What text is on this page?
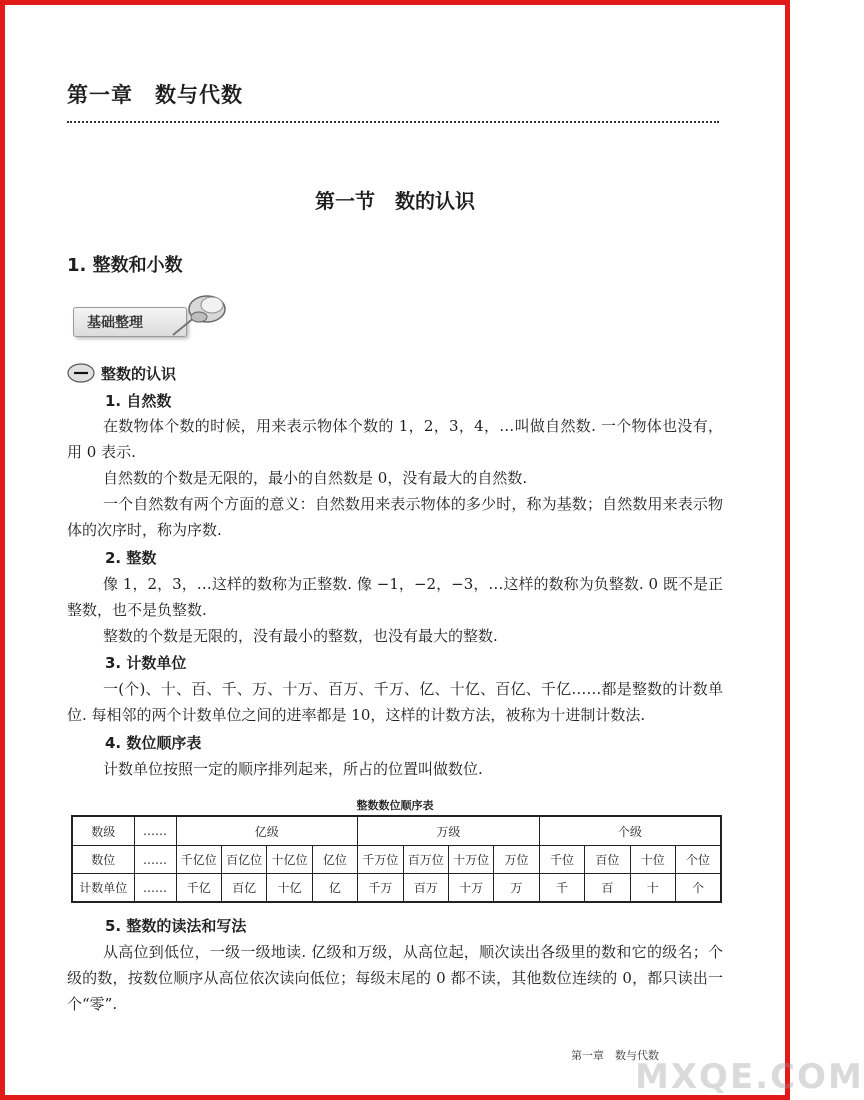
第一章　数与代数
第一节　数的认识
1. 整数和小数
基础整理
整数的认识
1. 自然数
在数物体个数的时候，用来表示物体个数的 1，2，3，4，…叫做自然数. 一个物体也没有，用 0 表示.
自然数的个数是无限的，最小的自然数是 0，没有最大的自然数.
一个自然数有两个方面的意义：自然数用来表示物体的多少时，称为基数；自然数用来表示物体的次序时，称为序数.
2. 整数
像 1，2，3，…这样的数称为正整数. 像 −1，−2，−3，…这样的数称为负整数. 0 既不是正整数，也不是负整数.
整数的个数是无限的，没有最小的整数，也没有最大的整数.
3. 计数单位
一(个)、十、百、千、万、十万、百万、千万、亿、十亿、百亿、千亿……都是整数的计数单位. 每相邻的两个计数单位之间的进率都是 10，这样的计数方法，被称为十进制计数法.
4. 数位顺序表
计数单位按照一定的顺序排列起来，所占的位置叫做数位.
整数数位顺序表
数级	……	亿级				万级				个级			
数位	……	千亿位	百亿位	十亿位	亿位	千万位	百万位	十万位	万位	千位	百位	十位	个位
计数单位	……	千亿	百亿	十亿	亿	千万	百万	十万	万	千	百	十	个
5. 整数的读法和写法
从高位到低位，一级一级地读. 亿级和万级，从高位起，顺次读出各级里的数和它的级名；个级的数，按数位顺序从高位依次读向低位；每级末尾的 0 都不读，其他数位连续的 0，都只读出一个“零”.
第一章　数与代数
MXQE.COM
